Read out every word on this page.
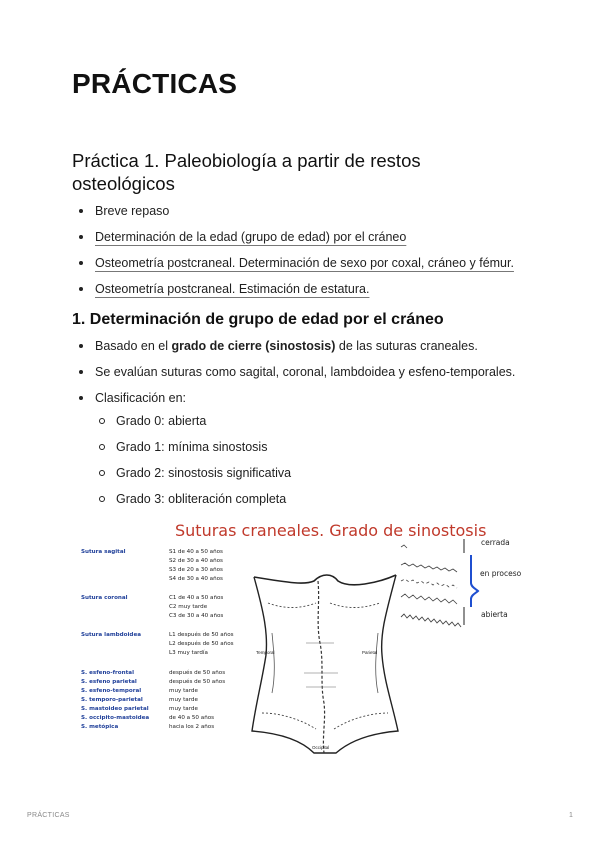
PRÁCTICAS
Práctica 1. Paleobiología a partir de restos osteológicos
Breve repaso
Determinación de la edad (grupo de edad) por el cráneo
Osteometría postcraneal. Determinación de sexo por coxal, cráneo y fémur.
Osteometría postcraneal. Estimación de estatura.
1. Determinación de grupo de edad por el cráneo
Basado en el grado de cierre (sinostosis) de las suturas craneales.
Se evalúan suturas como sagital, coronal, lambdoidea y esfeno-temporales.
Clasificación en:
Grado 0: abierta
Grado 1: mínima sinostosis
Grado 2: sinostosis significativa
Grado 3: obliteración completa
Suturas craneales. Grado de sinostosis
Sutura sagital	S1 de 40 a 50 años
S2 de 30 a 40 años
S3 de 20 a 30 años
S4 de 30 a 40 años
Sutura coronal	C1 de 40 a 50 años
C2 muy tarde
C3 de 30 a 40 años
Sutura lambdoidea	L1 después de 50 años
L2 después de 50 años
L3 muy tardía
S. esfeno-frontal	después de 50 años
S. esfeno parietal	después de 50 años
S. esfeno-temporal	muy tarde
S. temporo-parietal	muy tarde
S. mastoideo parietal	muy tarde
S. occipito-mastoidea	de 40 a 50 años
S. metópica	hacia los 2 años
Temporal	Parietal
Occipital
cerrada
en proceso
abierta
PRÁCTICAS	1
